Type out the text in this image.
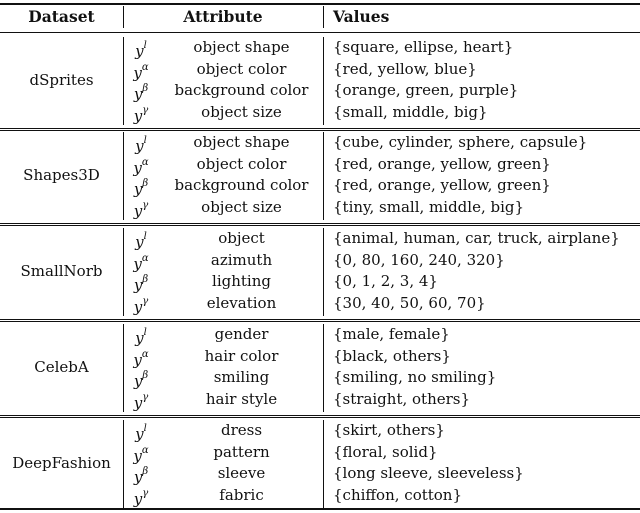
Dataset	Attribute	Values
dSprites
$y^l$	object shape	{square, ellipse, heart}
$y^\alpha$	object color	{red, yellow, blue}
$y^\beta$	background color	{orange, green, purple}
$y^\gamma$	object size	{small, middle, big}
Shapes3D
$y^l$	object shape	{cube, cylinder, sphere, capsule}
$y^\alpha$	object color	{red, orange, yellow, green}
$y^\beta$	background color	{red, orange, yellow, green}
$y^\gamma$	object size	{tiny, small, middle, big}
SmallNorb
$y^l$	object	{animal, human, car, truck, airplane}
$y^\alpha$	azimuth	{0, 80, 160, 240, 320}
$y^\beta$	lighting	{0, 1, 2, 3, 4}
$y^\gamma$	elevation	{30, 40, 50, 60, 70}
CelebA
$y^l$	gender	{male, female}
$y^\alpha$	hair color	{black, others}
$y^\beta$	smiling	{smiling, no smiling}
$y^\gamma$	hair style	{straight, others}
DeepFashion
$y^l$	dress	{skirt, others}
$y^\alpha$	pattern	{floral, solid}
$y^\beta$	sleeve	{long sleeve, sleeveless}
$y^\gamma$	fabric	{chiffon, cotton}
